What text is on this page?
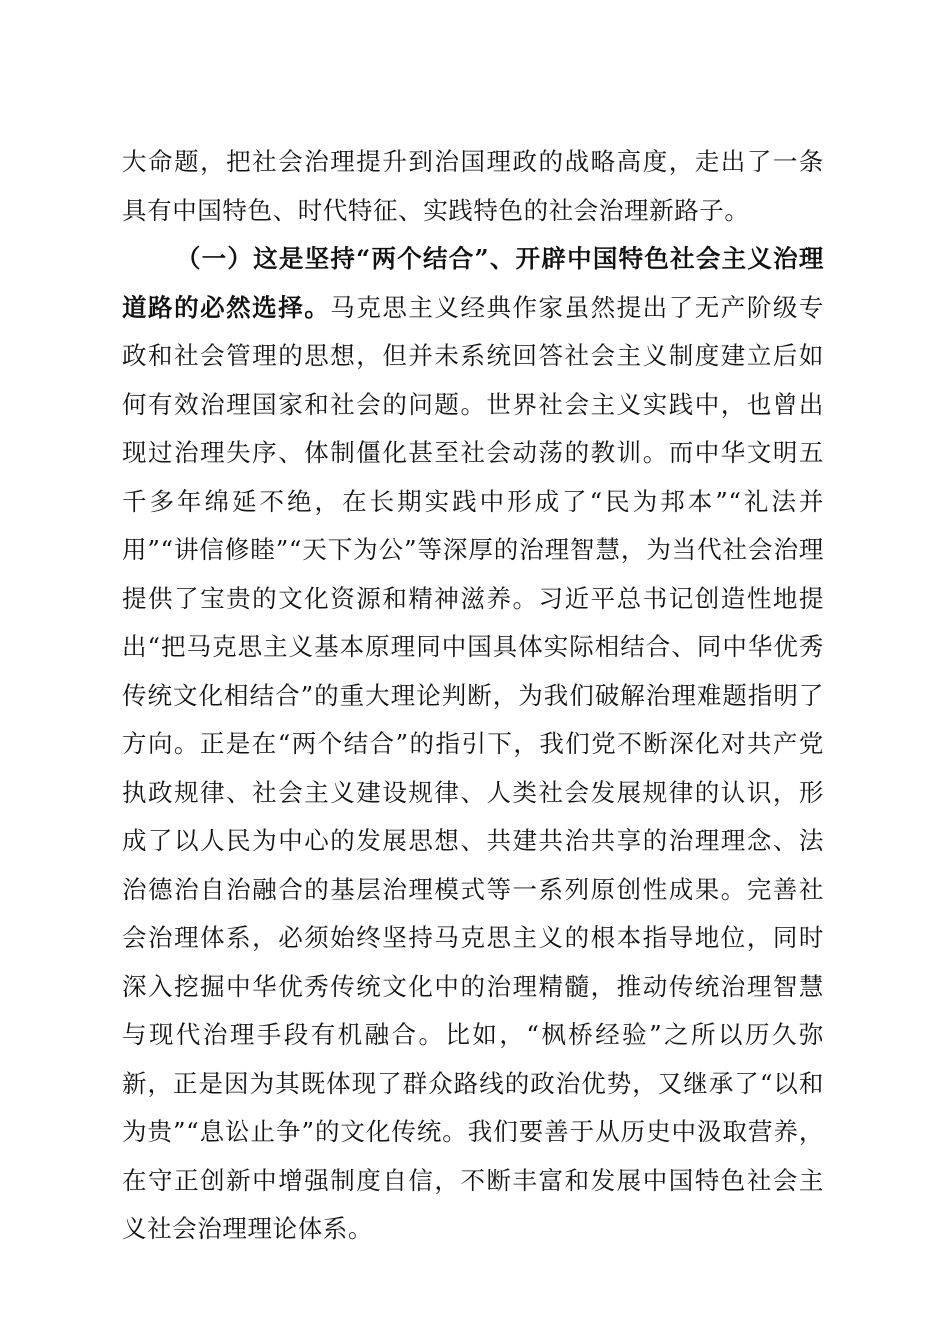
大命题，把社会治理提升到治国理政的战略高度，走出了一条具有中国特色、时代特征、实践特色的社会治理新路子。

（一）这是坚持“两个结合”、开辟中国特色社会主义治理道路的必然选择。马克思主义经典作家虽然提出了无产阶级专政和社会管理的思想，但并未系统回答社会主义制度建立后如何有效治理国家和社会的问题。世界社会主义实践中，也曾出现过治理失序、体制僵化甚至社会动荡的教训。而中华文明五千多年绵延不绝，在长期实践中形成了“民为邦本”“礼法并用”“讲信修睦”“天下为公”等深厚的治理智慧，为当代社会治理提供了宝贵的文化资源和精神滋养。习近平总书记创造性地提出“把马克思主义基本原理同中国具体实际相结合、同中华优秀传统文化相结合”的重大理论判断，为我们破解治理难题指明了方向。正是在“两个结合”的指引下，我们党不断深化对共产党执政规律、社会主义建设规律、人类社会发展规律的认识，形成了以人民为中心的发展思想、共建共治共享的治理理念、法治德治自治融合的基层治理模式等一系列原创性成果。完善社会治理体系，必须始终坚持马克思主义的根本指导地位，同时深入挖掘中华优秀传统文化中的治理精髓，推动传统治理智慧与现代治理手段有机融合。比如，“枫桥经验”之所以历久弥新，正是因为其既体现了群众路线的政治优势，又继承了“以和为贵”“息讼止争”的文化传统。我们要善于从历史中汲取营养，在守正创新中增强制度自信，不断丰富和发展中国特色社会主义社会治理理论体系。
